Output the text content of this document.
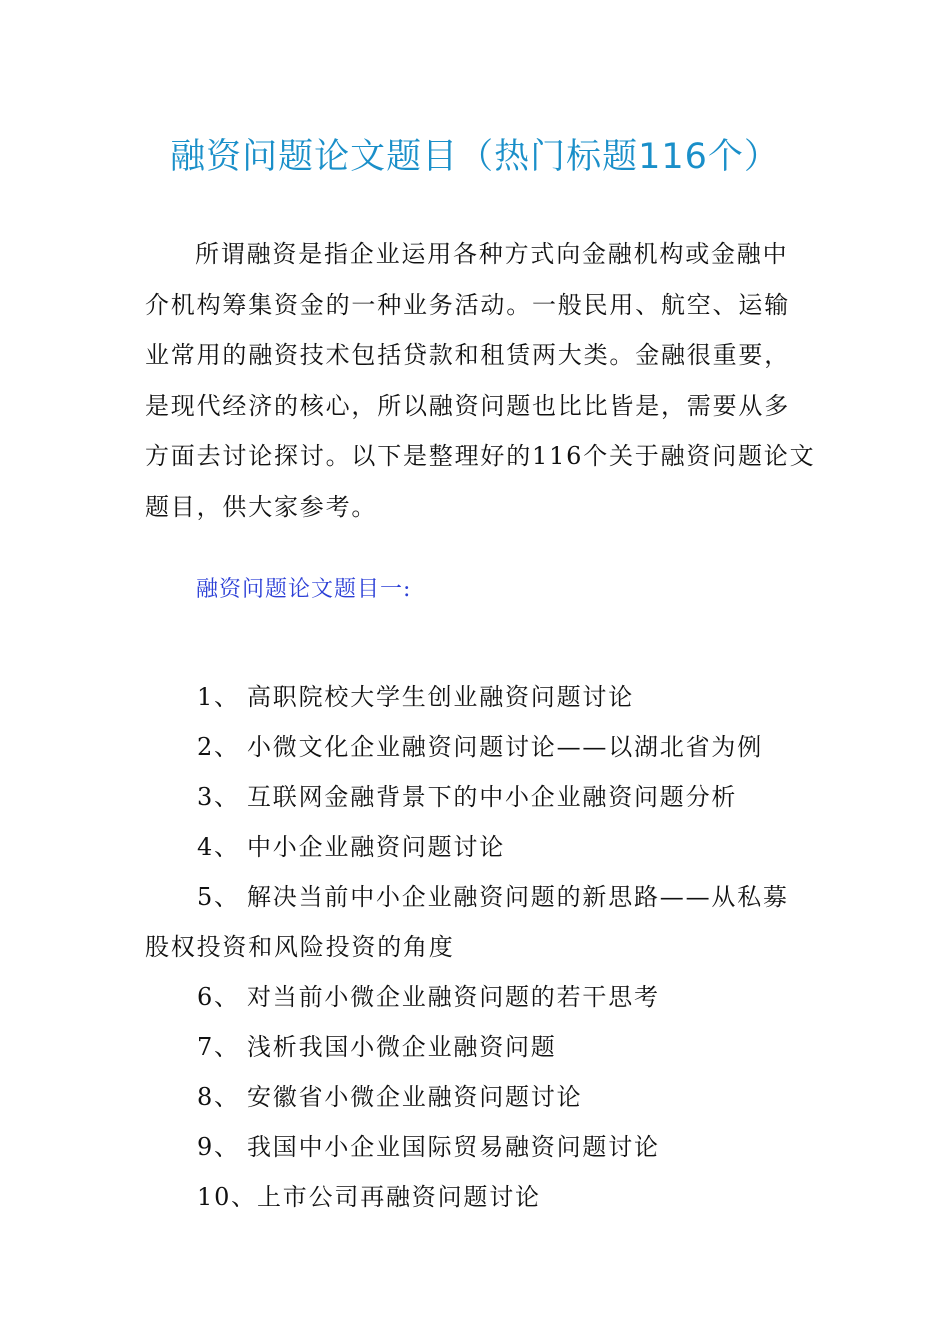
融资问题论文题目（热门标题116个）

所谓融资是指企业运用各种方式向金融机构或金融中
介机构筹集资金的一种业务活动。一般民用、航空、运输
业常用的融资技术包括贷款和租赁两大类。金融很重要，
是现代经济的核心，所以融资问题也比比皆是，需要从多
方面去讨论探讨。以下是整理好的116个关于融资问题论文
题目，供大家参考。

融资问题论文题目一:
1、 高职院校大学生创业融资问题讨论
2、 小微文化企业融资问题讨论——以湖北省为例
3、 互联网金融背景下的中小企业融资问题分析
4、 中小企业融资问题讨论
5、 解决当前中小企业融资问题的新思路——从私募
股权投资和风险投资的角度
6、 对当前小微企业融资问题的若干思考
7、 浅析我国小微企业融资问题
8、 安徽省小微企业融资问题讨论
9、 我国中小企业国际贸易融资问题讨论
10、上市公司再融资问题讨论
